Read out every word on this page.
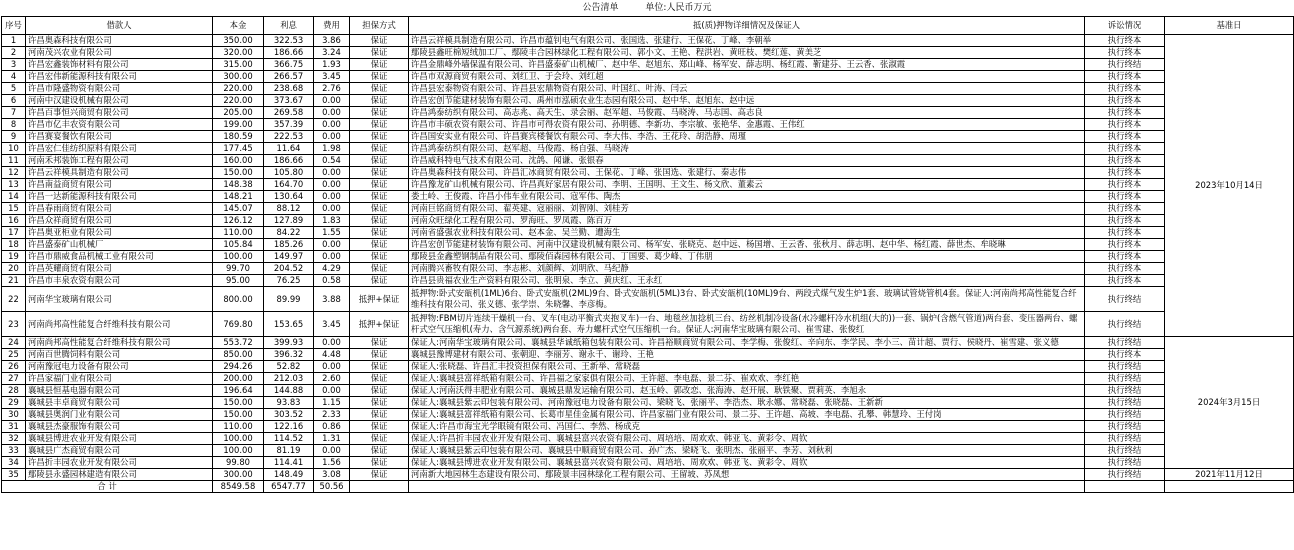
公告清单	单位:人民币万元
序号	借款人	本金	利息	费用	担保方式	抵(质)押物详细情况及保证人	诉讼情况	基准日
1	许昌奥森科技有限公司	350.00	322.53	3.86	保证	许昌云祥模具制造有限公司、许昌市蕴钊电气有限公司、张国选、张建行、王保花、丁峰、李朝举	执行终本	2023年10月14日
2	河南茂兴农业有限公司	320.00	186.66	3.24	保证	鄢陵县鑫旺棉短绒加工厂、鄢陵丰合园林绿化工程有限公司、郭小文、王艳、程洪岩、黄旺枝、樊红莲、黄美芝	执行终本	
3	许昌宏鑫装饰材料有限公司	315.00	366.75	1.93	保证	许昌金鼎峰外墙保温有限公司、许昌盛泰矿山机械厂、赵中华、赵旭东、郑山峰、杨军安、薛志明、杨红霞、靳建芬、王云香、张淑霞	执行终结	
4	许昌宏伟新能源科技有限公司	300.00	266.57	3.45	保证	许昌市双源商贸有限公司、刘红卫、于会玲、刘红超	执行终本	
5	许昌市隆盛物资有限公司	220.00	238.68	2.76	保证	许昌县宏泰物资有限公司、许昌县宏鼎物资有限公司、叶国红、叶涛、闫云	执行终本	
6	河南中汉建设机械有限公司	220.00	373.67	0.00	保证	许昌宏创节能建材装饰有限公司、禹州市泓硕农业生态园有限公司、赵中华、赵旭东、赵中远	执行终本	
7	许昌百事恒兴商贸有限公司	205.00	269.58	0.00	保证	许昌鸿泰纺织有限公司、高志兆、高天生、录会丽、赵军超、马俊霞、马晓涛、马志国、高志良	执行终本	
8	许昌市亿丰农资有限公司	199.00	357.39	0.00	保证	许昌市丰硕农资有限公司、许昌市可得农资有限公司、孙明德、李新功、李宗敏、张艳华、金惠霞、王伟红	执行终本	
9	许昌赛宴餐饮有限公司	180.59	222.53	0.00	保证	许昌国安实业有限公司、许昌赛宾楼餐饮有限公司、李大伟、李浩、王花玲、胡浩静、周瑾	执行终本	
10	许昌宏仁佳纺织原料有限公司	177.45	11.64	1.98	保证	许昌鸿泰纺织有限公司、赵军超、马俊霞、杨自强、马晓涛	执行终本	
11	河南禾邦装饰工程有限公司	160.00	186.66	0.54	保证	许昌威科特电气技术有限公司、沈鸽、闻谦、张银春	执行终本	
12	许昌云祥模具制造有限公司	150.00	105.80	0.00	保证	许昌奥森科技有限公司、许昌汇冰商贸有限公司、王保花、丁峰、张国选、张建行、秦志伟	执行终本	
13	许昌南益商贸有限公司	148.38	164.70	0.00	保证	许昌豫龙矿山机械有限公司、许昌真好家居有限公司、李明、王国明、王文生、杨文欣、董素云	执行终本	
14	许昌一达新能源科技有限公司	148.21	130.64	0.00	保证	娄土岭、王俊霞、许昌小伟车业有限公司、寇军伟、陶杰	执行终本	
15	许昌春雨商贸有限公司	145.07	88.12	0.00	保证	河南巨铭商贸有限公司、翟英建、寇丽丽、刘智刚、刘桂芳	执行终本	
16	许昌众祥商贸有限公司	126.12	127.89	1.83	保证	河南众旺绿化工程有限公司、罗海旺、罗凤霞、陈百万	执行终本	
17	许昌奥亚柜业有限公司	110.00	84.22	1.55	保证	河南省盛强农业科技有限公司、赵本金、吴兰勤、遭海生	执行终本	
18	许昌盛泰矿山机械厂	105.84	185.26	0.00	保证	许昌宏创节能建材装饰有限公司、河南中汉建设机械有限公司、杨军安、张晓克、赵中远、杨国增、王云香、张秋月、薛志明、赵中华、杨红霞、薛世杰、牟晓琳	执行终本	
19	许昌市鼎威食品机械工业有限公司	100.00	149.97	0.00	保证	鄢陵县金鑫塑钢制品有限公司、鄢陵佰森园林有限公司、丁国要、葛少峰、丁伟朋	执行终本	
20	许昌英耀商贸有限公司	99.70	204.52	4.29	保证	河南腾兴畜牧有限公司、李志彬、刘颜辉、刘明欣、马纪静	执行终本	
21	许昌市丰泉农资有限公司	95.00	76.25	0.58	保证	许昌县贵福农业生产资料有限公司、张明泉、李立、黄庆红、王永红	执行终本	
22	河南华宝玻璃有限公司	800.00	89.99	3.88	抵押+保证	抵押物:卧式安瓿机(1ML)6台、卧式安瓿机(2ML)9台、卧式安瓿机(5ML)3台、卧式安瓿机(10ML)9台、两段式煤气发生炉1套、玻璃试管烧管机4套。保证人:河南尚邦高性能复合纤维科技有限公司、张义德、张学崇、朱晓馨、李彦梅。	执行终结	
23	河南尚邦高性能复合纤维科技有限公司	769.80	153.65	3.45	抵押+保证	抵押物:FBM切片连续干燥机一台、叉车(电动平衡式夹抱叉车)一台、地毯丝加捻机三台、纺丝机制冷设备(水冷螺杆冷水机组(大的))一套、锅炉(含燃气管道)两台套、变压器两台、螺杆式空气压缩机(寿力、含气源系统)两台套、寿力螺杆式空气压缩机一台。保证人:河南华宝玻璃有限公司、崔雪建、张俊红	执行终结	
24	河南尚邦高性能复合纤维科技有限公司	553.72	399.93	0.00	保证	保证人:河南华宝玻璃有限公司、襄城县华诚纸箱包装有限公司、许昌裕顺商贸有限公司、李学梅、张俊红、辛向东、李学民、李小三、苗计超、贾行、侯晓丹、崔雪建、张义德	执行终结	2024年3月15日
25	河南百世腾饲料有限公司	850.00	396.32	4.48	保证	襄城县豫博建材有限公司、张朝迎、李丽芳、谢永千、谢玲、王艳	执行终本	
26	河南豫冠电力设备有限公司	294.26	52.82	0.00	保证	保证人:张晓磊、许昌汇丰投资担保有限公司、王新举、常晓磊	执行终结	
27	许昌家福门业有限公司	200.00	212.03	2.60	保证	保证人:襄城县富祥纸箱有限公司、许昌福之家家俱有限公司、王许超、李电磊、景二芬、崔欢欢、李红艳	执行终结	
28	襄城县恒基电器有限公司	196.64	144.88	0.00	保证	保证人:河南沃得丰肥业有限公司、襄城县鼎发运输有限公司、赵玉岭、郭改恋、张海涛、赵开展、耿铁聚、贾莉英、李旭永	执行终结	
29	襄城县丰卓商贸有限公司	150.00	93.83	1.15	保证	保证人:襄城县紫云印包装有限公司、河南豫冠电力设备有限公司、梁晓飞、张丽平、李浩杰、耿永娜、常晓磊、张晓磊、王新新	执行终结	
30	襄城县奥润门业有限公司	150.00	303.52	2.33	保证	保证人:襄城县富祥纸箱有限公司、长葛市星佳金属有限公司、许昌家福门业有限公司、景二芬、王许超、高坡、李电磊、孔攀、韩慧玲、王付岗	执行终结	
31	襄城县杰豪服饰有限公司	110.00	122.16	0.86	保证	保证人:许昌市海宝光学眼镜有限公司、冯国仁、李然、杨成克	执行终结	
32	襄城县博进农业开发有限公司	100.00	114.52	1.31	保证	保证人:许昌折丰园农业开发有限公司、襄城县富兴农资有限公司、周培培、周欢欢、韩亚飞、黄彩令、周钦	执行终结	
33	襄城县广杰商贸有限公司	100.00	81.19	0.00	保证	保证人:襄城县紫云印包装有限公司、襄城县中顺商贸有限公司、孙广杰、梁晓飞、张明杰、张丽平、李芳、刘秋利	执行终结	
34	许昌折丰园农业开发有限公司	99.80	114.41	1.56	保证	保证人:襄城县博进农业开发有限公司、襄城县富兴农资有限公司、周培培、周欢欢、韩亚飞、黄彩令、周钦	执行终结	
35	鄢陵县永盛园林建造有限公司	300.00	148.49	3.08	保证	河南新大地园林生态建设有限公司、鄢陵景丰园林绿化工程有限公司、王留坡、苏凤想	执行终结	2021年11月12日
合 计		8549.58	6547.77	50.56				
